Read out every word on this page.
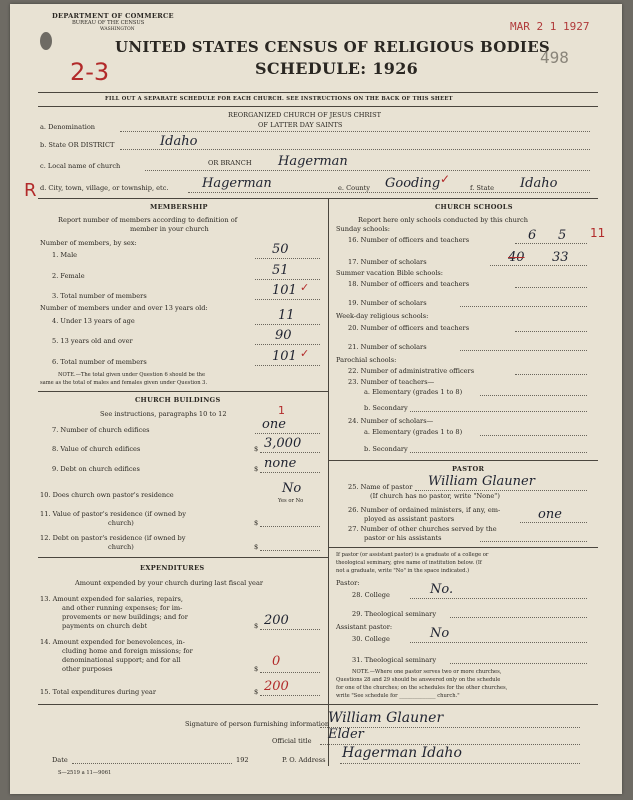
DEPARTMENT OF COMMERCE
BUREAU OF THE CENSUS
WASHINGTON
UNITED STATES CENSUS OF RELIGIOUS BODIES
SCHEDULE: 1926
MAR 2 1 1927
498
2-3
FILL OUT A SEPARATE SCHEDULE FOR EACH CHURCH. SEE INSTRUCTIONS ON THE BACK OF THIS SHEET
REORGANIZED CHURCH OF JESUS CHRIST
a. Denomination	OF LATTER DAY SAINTS
b. State OR DISTRICT	Idaho
c. Local name of church	OR BRANCH Hagerman
R d. City, town, village, or township, etc.	Hagerman	e. County Gooding ✓
f. State Idaho
MEMBERSHIP
Report number of members according to definition of
member in your church
Number of members, by sex:
1. Male	50
2. Female	51
3. Total number of members	101 ✓
Number of members under and over 13 years old:
4. Under 13 years of age	11
5. 13 years old and over	90
6. Total number of members	101 ✓
NOTE.—The total given under Question 6 should be the
same as the total of males and females given under Question 3.
CHURCH BUILDINGS
See instructions, paragraphs 10 to 12	1
7. Number of church edifices	one
8. Value of church edifices	$ 3,000
9. Debt on church edifices	$ none
10. Does church own pastor's residence	No
Yes or No
11. Value of pastor's residence (if owned by
church)	$
12. Debt on pastor's residence (if owned by
church)	$
EXPENDITURES
Amount expended by your church during last fiscal year
13. Amount expended for salaries, repairs,
and other running expenses; for im-
provements or new buildings; and for
payments on church debt	$ 200
14. Amount expended for benevolences, in-
cluding home and foreign missions; for
denominational support; and for all
other purposes	$ 0
15. Total expenditures during year	$ 200
CHURCH SCHOOLS
Report here only schools conducted by this church
Sunday schools:
16. Number of officers and teachers	6 5 11
17. Number of scholars	40 33
Summer vacation Bible schools:
18. Number of officers and teachers
19. Number of scholars
Week-day religious schools:
20. Number of officers and teachers
21. Number of scholars
Parochial schools:
22. Number of administrative officers
23. Number of teachers—
a. Elementary (grades 1 to 8)
b. Secondary
24. Number of scholars—
a. Elementary (grades 1 to 8)
b. Secondary
PASTOR
25. Name of pastor William Glauner
(If church has no pastor, write "None")
26. Number of ordained ministers, if any, em-
ployed as assistant pastors	one
27. Number of other churches served by the
pastor or his assistants
If pastor (or assistant pastor) is a graduate of a college or
theological seminary, give name of institution below. (If
not a graduate, write "No" in the space indicated.)
Pastor:
28. College	No.
29. Theological seminary
Assistant pastor:
30. College	No
31. Theological seminary
NOTE.—Where one pastor serves two or more churches,
Questions 28 and 29 should be answered only on the schedule
for one of the churches; on the schedules for the other churches,
write "See schedule for ______________ church."
Signature of person furnishing information
William Glauner
Official title Elder
Date	192	P. O. Address Hagerman Idaho
S—2519 a 11—9061
